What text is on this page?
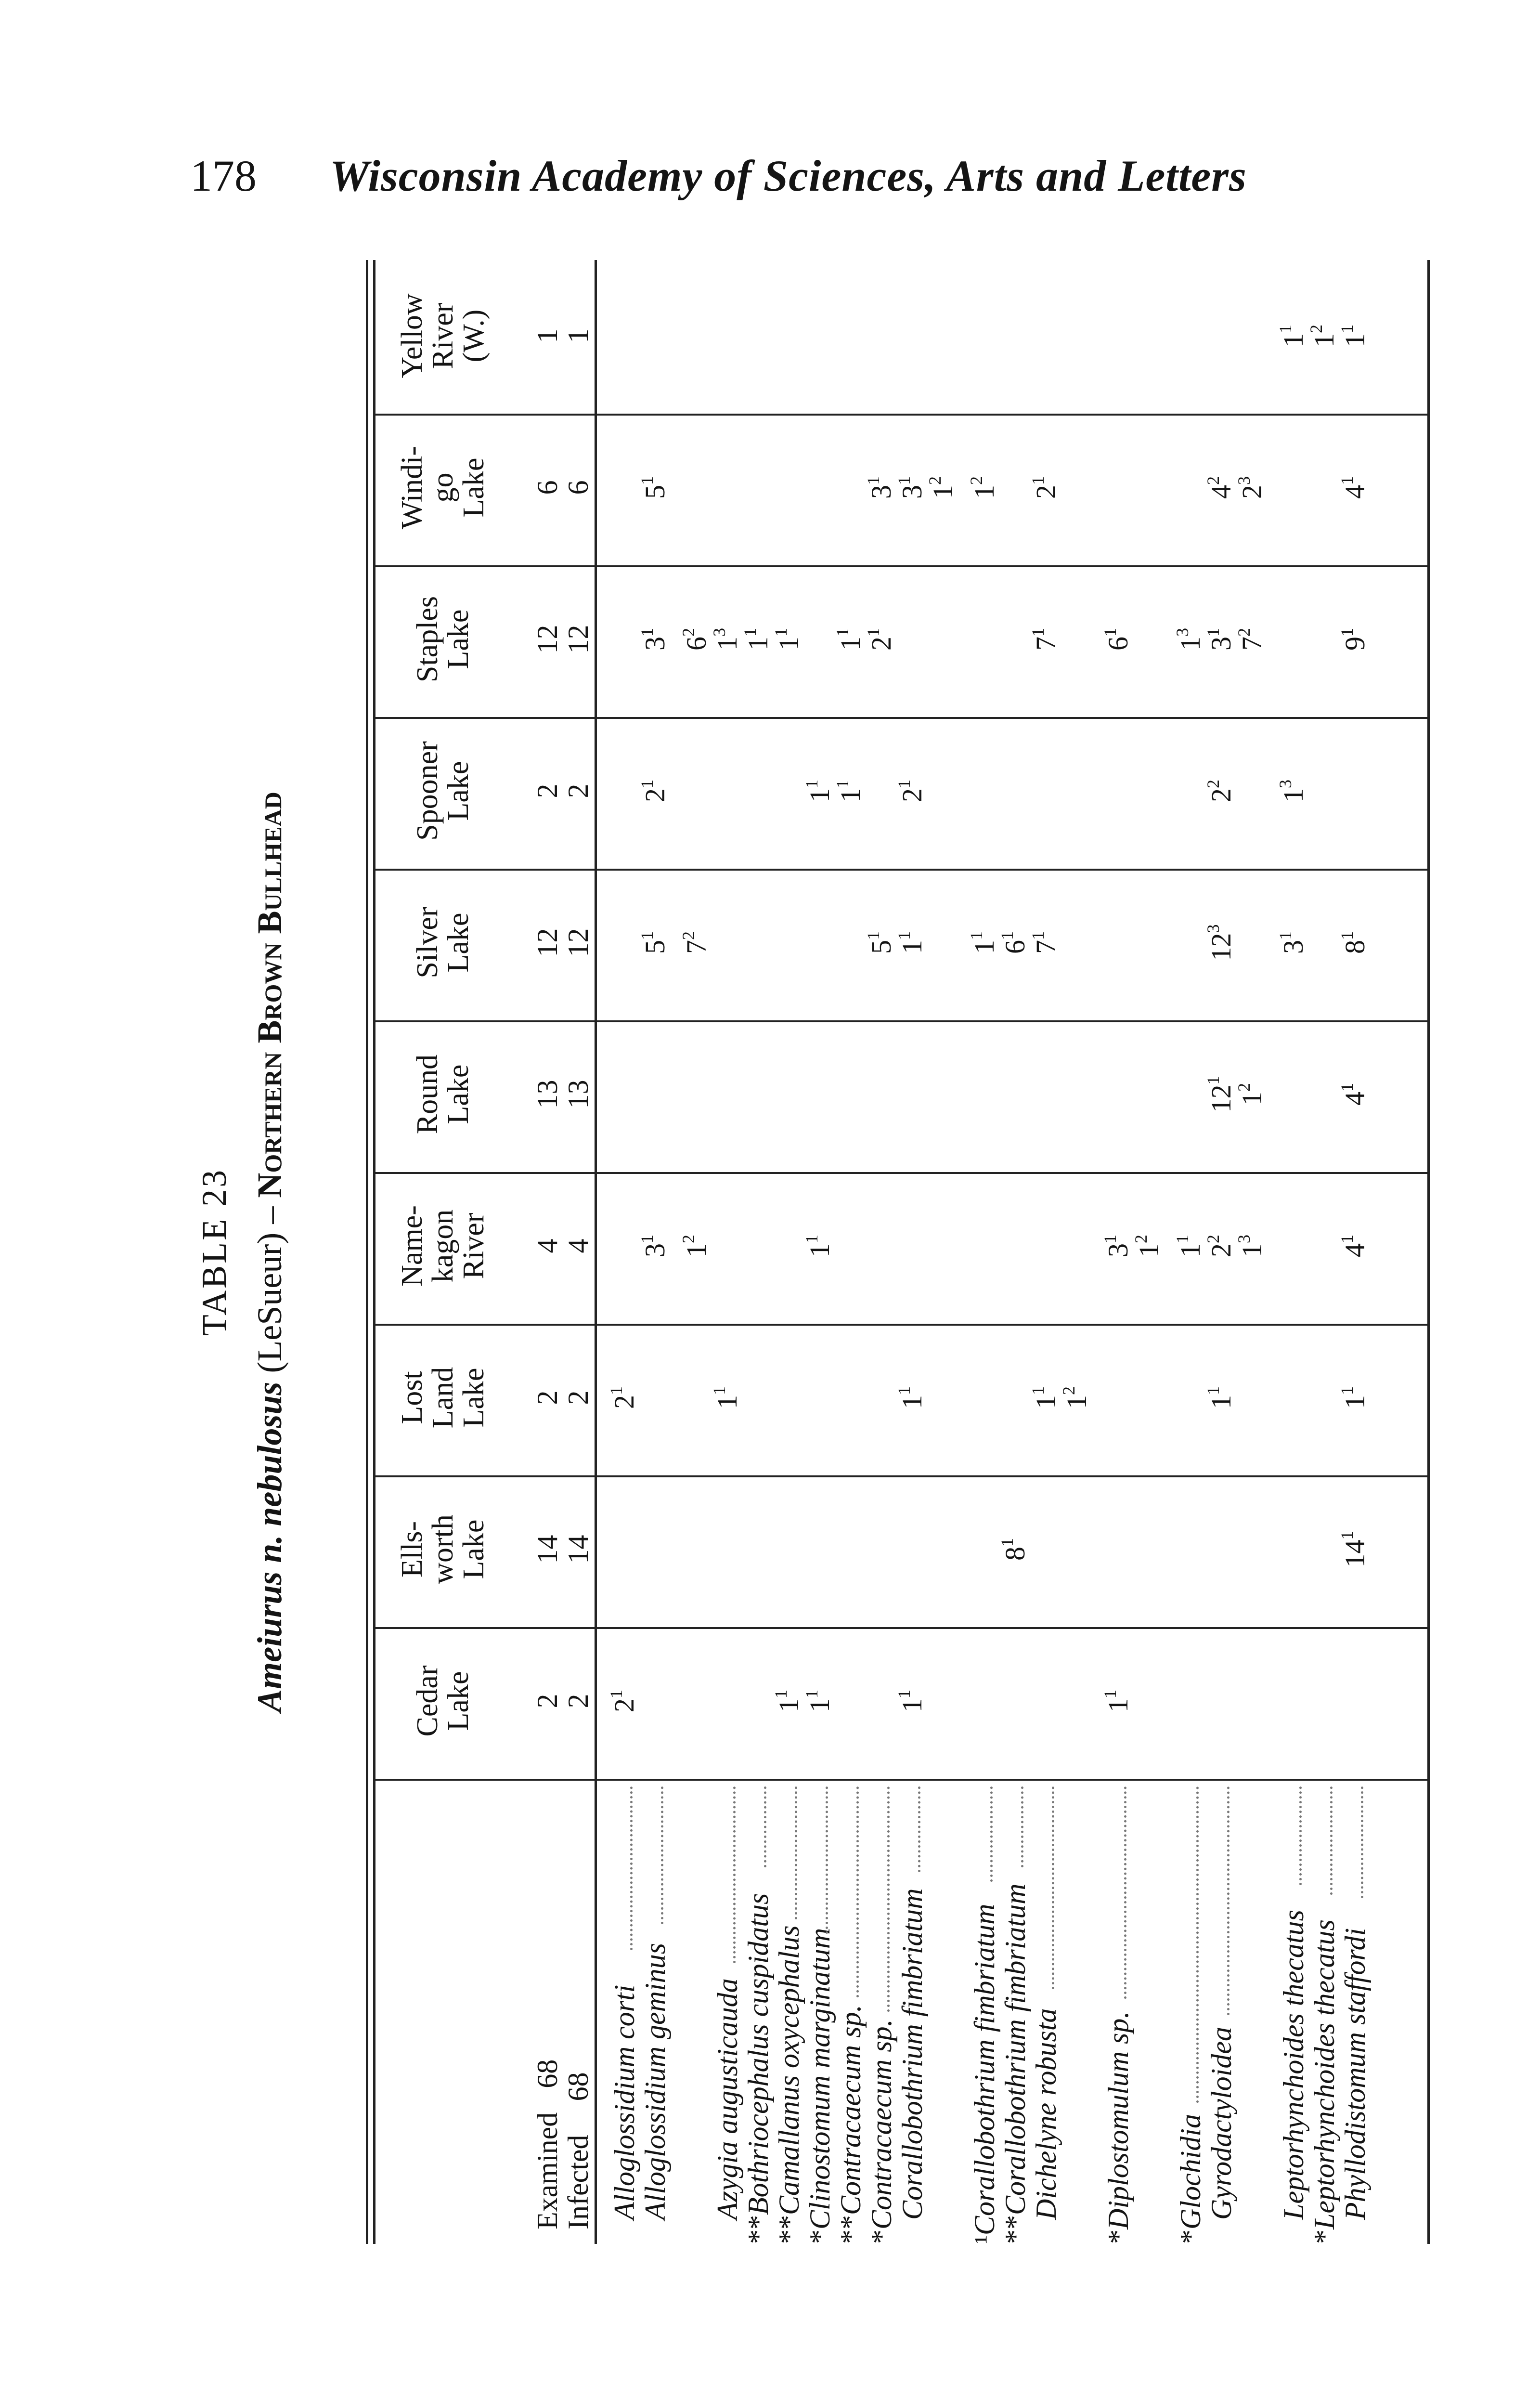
178 Wisconsin Academy of Sciences, Arts and Letters
TABLE 23
Ameiurus n. nebulosus (LeSueur) – Northern Brown Bullhead
Examined  68
Infected  68
Cedar
Lake 2
2
Ells-
worth
Lake 14
14
Lost
Land
Lake 2
2
Name-
kagon
River 4
4
Round
Lake 13
13
Silver
Lake 12
12
Spooner
Lake 2
2
Staples
Lake 12
12
Windi-
go
Lake 6
6
Yellow
River
(W.) 1
1
Alloglossidium corti
$2^1$
$2^1$
Alloglossidium geminus
$3^1$
$5^1$
$2^1$
$3^1$
$5^1$
$1^2$
$7^2$
$6^2$
Azygia augusticauda
$1^1$
$1^3$
**Bothriocephalus cuspidatus
$1^1$
**Camallanus oxycephalus
$1^1$
$1^1$
*Clinostomum marginatum
$1^1$
$1^1$
$1^1$
**Contracaecum sp.
$1^1$
$1^1$
*Contracaecum sp.
$5^1$
$2^1$
$3^1$
Corallobothrium fimbriatum
$1^1$
$1^1$
$1^1$
$2^1$
$3^1$
$1^2$
¹Corallobothrium fimbriatum
$1^1$
$1^2$
**Corallobothrium fimbriatum
$8^1$
$6^1$
Dichelyne robusta
$1^1$
$7^1$
$7^1$
$2^1$
$1^2$
*Diplostomulum sp.
$1^1$
$3^1$
$6^1$
$1^2$
*Glochidia
$1^1$
$1^3$
Gyrodactyloidea
$1^1$
$2^2$
$12^1$
$12^3$
$2^2$
$3^1$
$4^2$
$1^3$
$1^2$
$7^2$
$2^3$
Leptorhynchoides thecatus
$3^1$
$1^3$
$1^1$
*Leptorhynchoides thecatus
$1^2$
Phyllodistomum staffordi
$14^1$
$1^1$
$4^1$
$4^1$
$8^1$
$9^1$
$4^1$
$1^1$
